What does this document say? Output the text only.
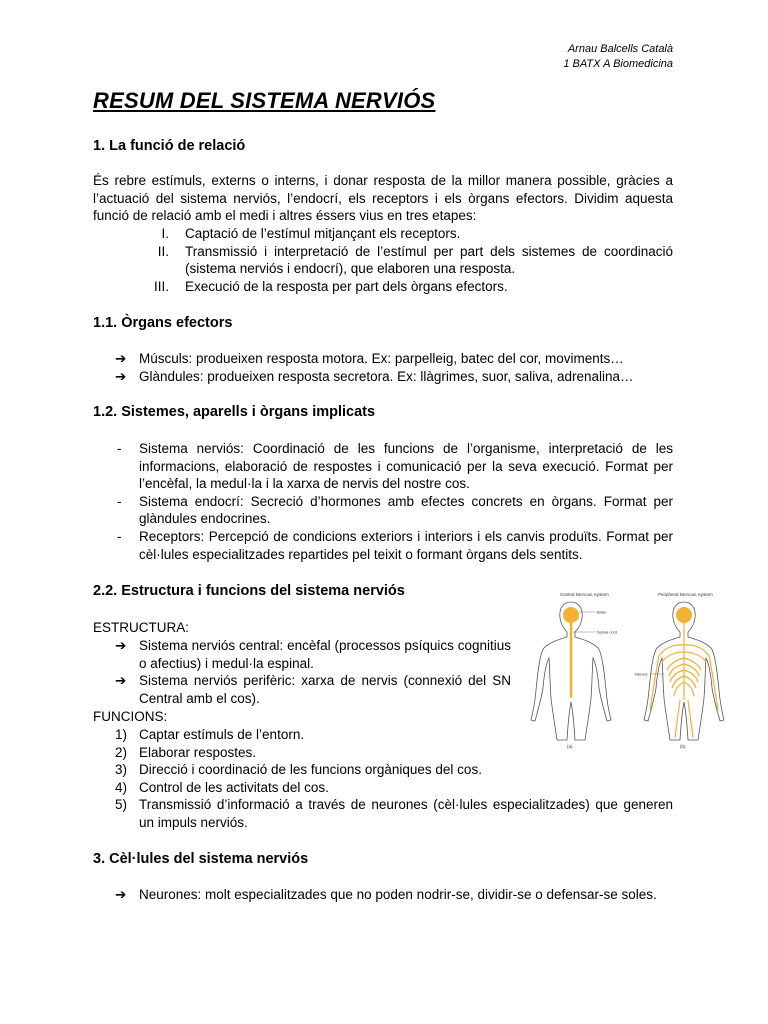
Arnau Balcells Català
1 BATX A Biomedicina
RESUM DEL SISTEMA NERVIÓS
1. La funció de relació

És rebre estímuls, externs o interns, i donar resposta de la millor manera possible, gràcies a l’actuació del sistema nerviós, l’endocrí, els receptors i els òrgans efectors. Dividim aquesta funció de relació amb el medi i altres éssers vius en tres etapes:

I. Captació de l’estímul mitjançant els receptors.
II. Transmissió i interpretació de l’estímul per part dels sistemes de coordinació (sistema nerviós i endocrí), que elaboren una resposta.
III. Execució de la resposta per part dels òrgans efectors.
1.1. Òrgans efectors
➔ Músculs: produeixen resposta motora. Ex: parpelleig, batec del cor, moviments…
➔ Glàndules: produeixen resposta secretora. Ex: llàgrimes, suor, saliva, adrenalina…
1.2. Sistemes, aparells i òrgans implicats
- Sistema nerviós: Coordinació de les funcions de l’organisme, interpretació de les informacions, elaboració de respostes i comunicació per la seva execució. Format per l’encèfal, la medul·la i la xarxa de nervis del nostre cos.
- Sistema endocrí: Secreció d’hormones amb efectes concrets en òrgans. Format per glàndules endocrines.
- Receptors: Percepció de condicions exteriors i interiors i els canvis produïts. Format per cèl·lules especialitzades repartides pel teixit o formant òrgans dels sentits.
2.2. Estructura i funcions del sistema nerviós

ESTRUCTURA:

➔ Sistema nerviós central: encèfal (processos psíquics cognitius o afectius) i medul·la espinal.
➔ Sistema nerviós perifèric: xarxa de nervis (connexió del SN Central amb el cos).

FUNCIONS:

1) Captar estímuls de l’entorn.
2) Elaborar respostes.
3) Direcció i coordinació de les funcions orgàniques del cos.
4) Control de les activitats del cos.
5) Transmissió d’informació a través de neurones (cèl·lules especialitzades) que generen un impuls nerviós.
Central Nervous System	Peripheral Nervous System
Brain
Spinal cord
(a)
Nerves
(b)
3. Cèl·lules del sistema nerviós
➔ Neurones: molt especialitzades que no poden nodrir-se, dividir-se o defensar-se soles.
